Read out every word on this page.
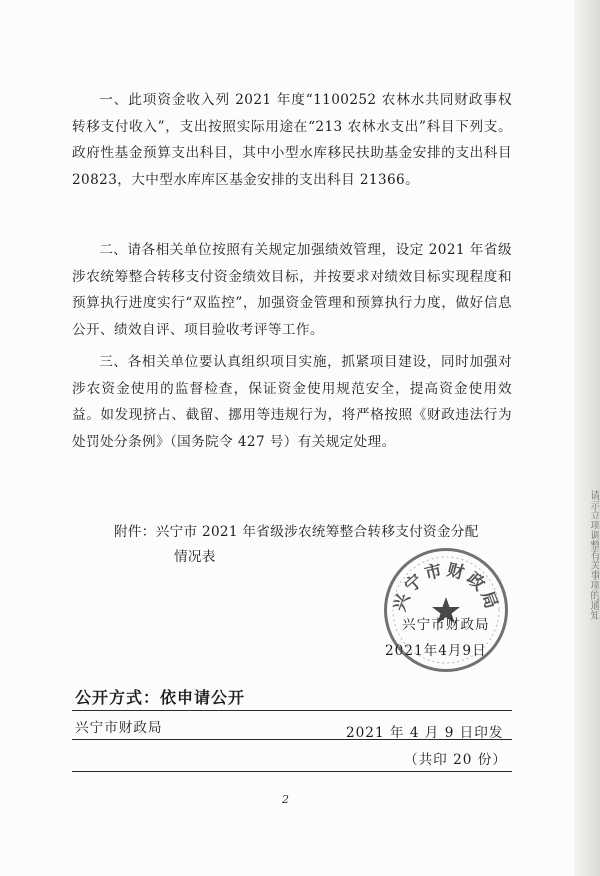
请示立项调整有关事项的通知

一、此项资金收入列 2021 年度“1100252 农林水共同财政事权转移支付收入”，支出按照实际用途在“213 农林水支出”科目下列支。政府性基金预算支出科目，其中小型水库移民扶助基金安排的支出科目 20823，大中型水库库区基金安排的支出科目 21366。

二、请各相关单位按照有关规定加强绩效管理，设定 2021 年省级涉农统筹整合转移支付资金绩效目标，并按要求对绩效目标实现程度和预算执行进度实行“双监控”，加强资金管理和预算执行力度，做好信息公开、绩效自评、项目验收考评等工作。

三、各相关单位要认真组织项目实施，抓紧项目建设，同时加强对涉农资金使用的监督检查，保证资金使用规范安全，提高资金使用效益。如发现挤占、截留、挪用等违规行为，将严格按照《财政违法行为处罚处分条例》（国务院令 427 号）有关规定处理。

附件：兴宁市 2021 年省级涉农统筹整合转移支付资金分配
情况表
兴宁市财政局
2021年4月9日
兴宁市财政局
公开方式：依申请公开
兴宁市财政局	2021 年 4 月 9 日印发
（共印 20 份）
2
